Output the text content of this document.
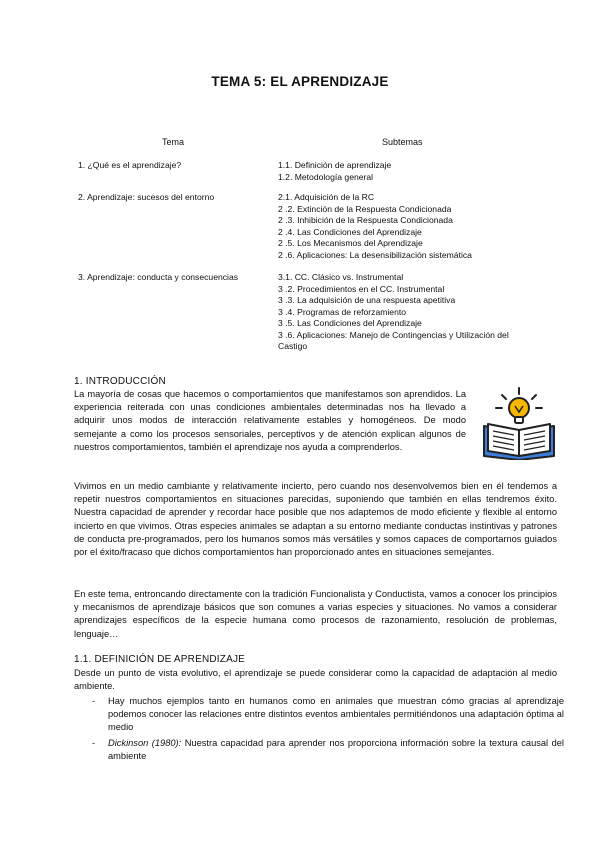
TEMA 5: EL APRENDIZAJE
Tema	Subtemas
1. ¿Qué es el aprendizaje?	1.1. Definición de aprendizaje
1.2. Metodología general
2. Aprendizaje: sucesos del entorno	2.1. Adquisición de la RC
2 .2. Extinción de la Respuesta Condicionada
2 .3. Inhibición de la Respuesta Condicionada
2 .4. Las Condiciones del Aprendizaje
2 .5. Los Mecanismos del Aprendizaje
2 .6. Aplicaciones: La desensibilización sistemática
3. Aprendizaje: conducta y consecuencias	3.1. CC. Clásico vs. Instrumental
3 .2. Procedimientos en el CC. Instrumental
3 .3. La adquisición de una respuesta apetitiva
3 .4. Programas de reforzamiento
3 .5. Las Condiciones del Aprendizaje
3 .6. Aplicaciones: Manejo de Contingencias y Utilización del Castigo
1. INTRODUCCIÓN
La mayoría de cosas que hacemos o comportamientos que manifestamos son aprendidos. La experiencia reiterada con unas condiciones ambientales determinadas nos ha llevado a adquirir unos modos de interacción relativamente estables y homogéneos. De modo semejante a como los procesos sensoriales, perceptivos y de atención explican algunos de nuestros comportamientos, también el aprendizaje nos ayuda a comprenderlos.
Vivimos en un medio cambiante y relativamente incierto, pero cuando nos desenvolvemos bien en él tendemos a repetir nuestros comportamientos en situaciones parecidas, suponiendo que también en ellas tendremos éxito. Nuestra capacidad de aprender y recordar hace posible que nos adaptemos de modo eficiente y flexible al entorno incierto en que vivimos. Otras especies animales se adaptan a su entorno mediante conductas instintivas y patrones de conducta pre-programados, pero los humanos somos más versátiles y somos capaces de comportarnos guiados por el éxito/fracaso que dichos comportamientos han proporcionado antes en situaciones semejantes.
En este tema, entroncando directamente con la tradición Funcionalista y Conductista, vamos a conocer los principios y mecanismos de aprendizaje básicos que son comunes a varias especies y situaciones. No vamos a considerar aprendizajes específicos de la especie humana como procesos de razonamiento, resolución de problemas, lenguaje…
1.1. DEFINICIÓN DE APRENDIZAJE
Desde un punto de vista evolutivo, el aprendizaje se puede considerar como la capacidad de adaptación al medio ambiente.
-	Hay muchos ejemplos tanto en humanos como en animales que muestran cómo gracias al aprendizaje podemos conocer las relaciones entre distintos eventos ambientales permitiéndonos una adaptación óptima al medio
-	Dickinson (1980): Nuestra capacidad para aprender nos proporciona información sobre la textura causal del ambiente
